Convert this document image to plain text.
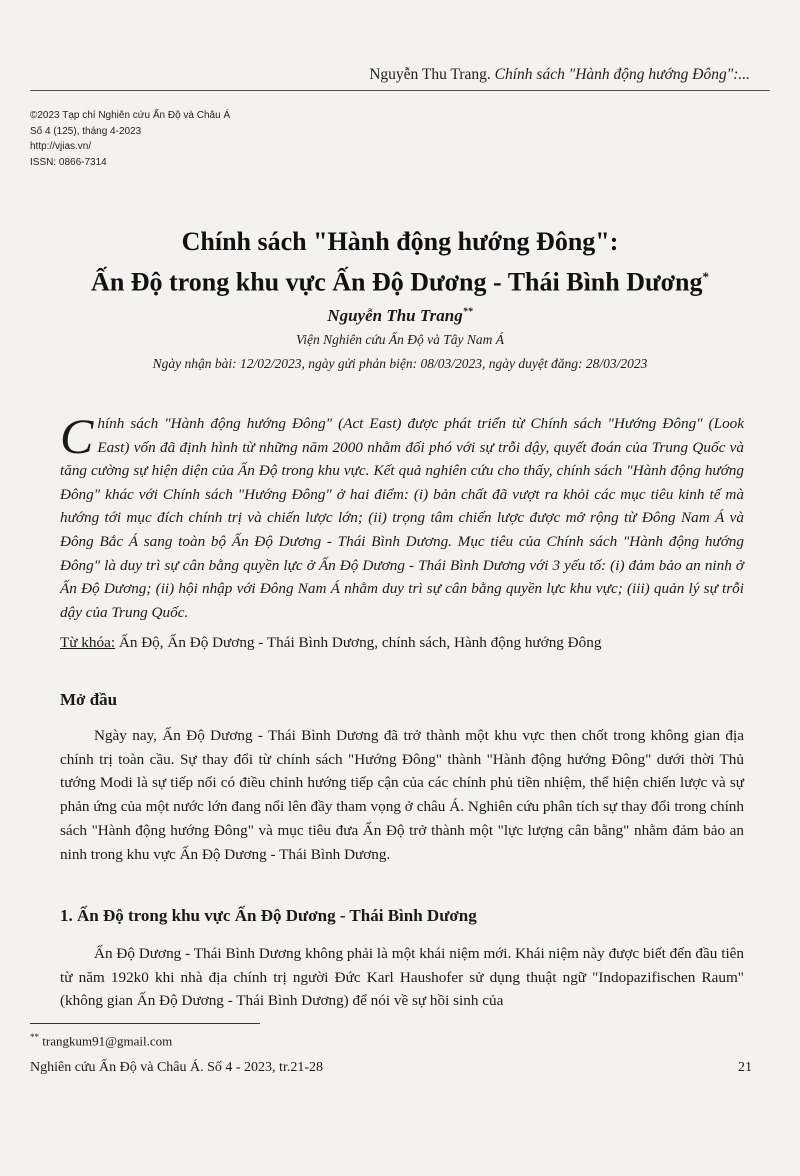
Nguyễn Thu Trang. Chính sách "Hành động hướng Đông":...
©2023 Tạp chí Nghiên cứu Ấn Độ và Châu Á
Số 4 (125), tháng 4-2023
http://vjias.vn/
ISSN: 0866-7314
Chính sách "Hành động hướng Đông":
Ấn Độ trong khu vực Ấn Độ Dương - Thái Bình Dương*
Nguyễn Thu Trang**
Viện Nghiên cứu Ấn Độ và Tây Nam Á
Ngày nhận bài: 12/02/2023, ngày gửi phản biện: 08/03/2023, ngày duyệt đăng: 28/03/2023
Chính sách "Hành động hướng Đông" (Act East) được phát triển từ Chính sách "Hướng Đông" (Look East) vốn đã định hình từ những năm 2000 nhằm đối phó với sự trỗi dậy, quyết đoán của Trung Quốc và tăng cường sự hiện diện của Ấn Độ trong khu vực. Kết quả nghiên cứu cho thấy, chính sách "Hành động hướng Đông" khác với Chính sách "Hướng Đông" ở hai điểm: (i) bản chất đã vượt ra khỏi các mục tiêu kinh tế mà hướng tới mục đích chính trị và chiến lược lớn; (ii) trọng tâm chiến lược được mở rộng từ Đông Nam Á và Đông Bắc Á sang toàn bộ Ấn Độ Dương - Thái Bình Dương. Mục tiêu của Chính sách "Hành động hướng Đông" là duy trì sự cân bằng quyền lực ở Ấn Độ Dương - Thái Bình Dương với 3 yếu tố: (i) đảm bảo an ninh ở Ấn Độ Dương; (ii) hội nhập với Đông Nam Á nhằm duy trì sự cân bằng quyền lực khu vực; (iii) quản lý sự trỗi dậy của Trung Quốc.
Từ khóa: Ấn Độ, Ấn Độ Dương - Thái Bình Dương, chính sách, Hành động hướng Đông
Mở đầu
Ngày nay, Ấn Độ Dương - Thái Bình Dương đã trở thành một khu vực then chốt trong không gian địa chính trị toàn cầu. Sự thay đổi từ chính sách "Hướng Đông" thành "Hành động hướng Đông" dưới thời Thủ tướng Modi là sự tiếp nối có điều chỉnh hướng tiếp cận của các chính phủ tiền nhiệm, thể hiện chiến lược và sự phản ứng của một nước lớn đang nổi lên đầy tham vọng ở châu Á. Nghiên cứu phân tích sự thay đổi trong chính sách "Hành động hướng Đông" và mục tiêu đưa Ấn Độ trở thành một "lực lượng cân bằng" nhằm đảm bảo an ninh trong khu vực Ấn Độ Dương - Thái Bình Dương.
1. Ấn Độ trong khu vực Ấn Độ Dương - Thái Bình Dương
Ấn Độ Dương - Thái Bình Dương không phải là một khái niệm mới. Khái niệm này được biết đến đầu tiên từ năm 192k0 khi nhà địa chính trị người Đức Karl Haushofer sử dụng thuật ngữ "Indopazifischen Raum" (không gian Ấn Độ Dương - Thái Bình Dương) để nói về sự hồi sinh của
** trangkum91@gmail.com
Nghiên cứu Ấn Độ và Châu Á. Số 4 - 2023, tr.21-28	21
